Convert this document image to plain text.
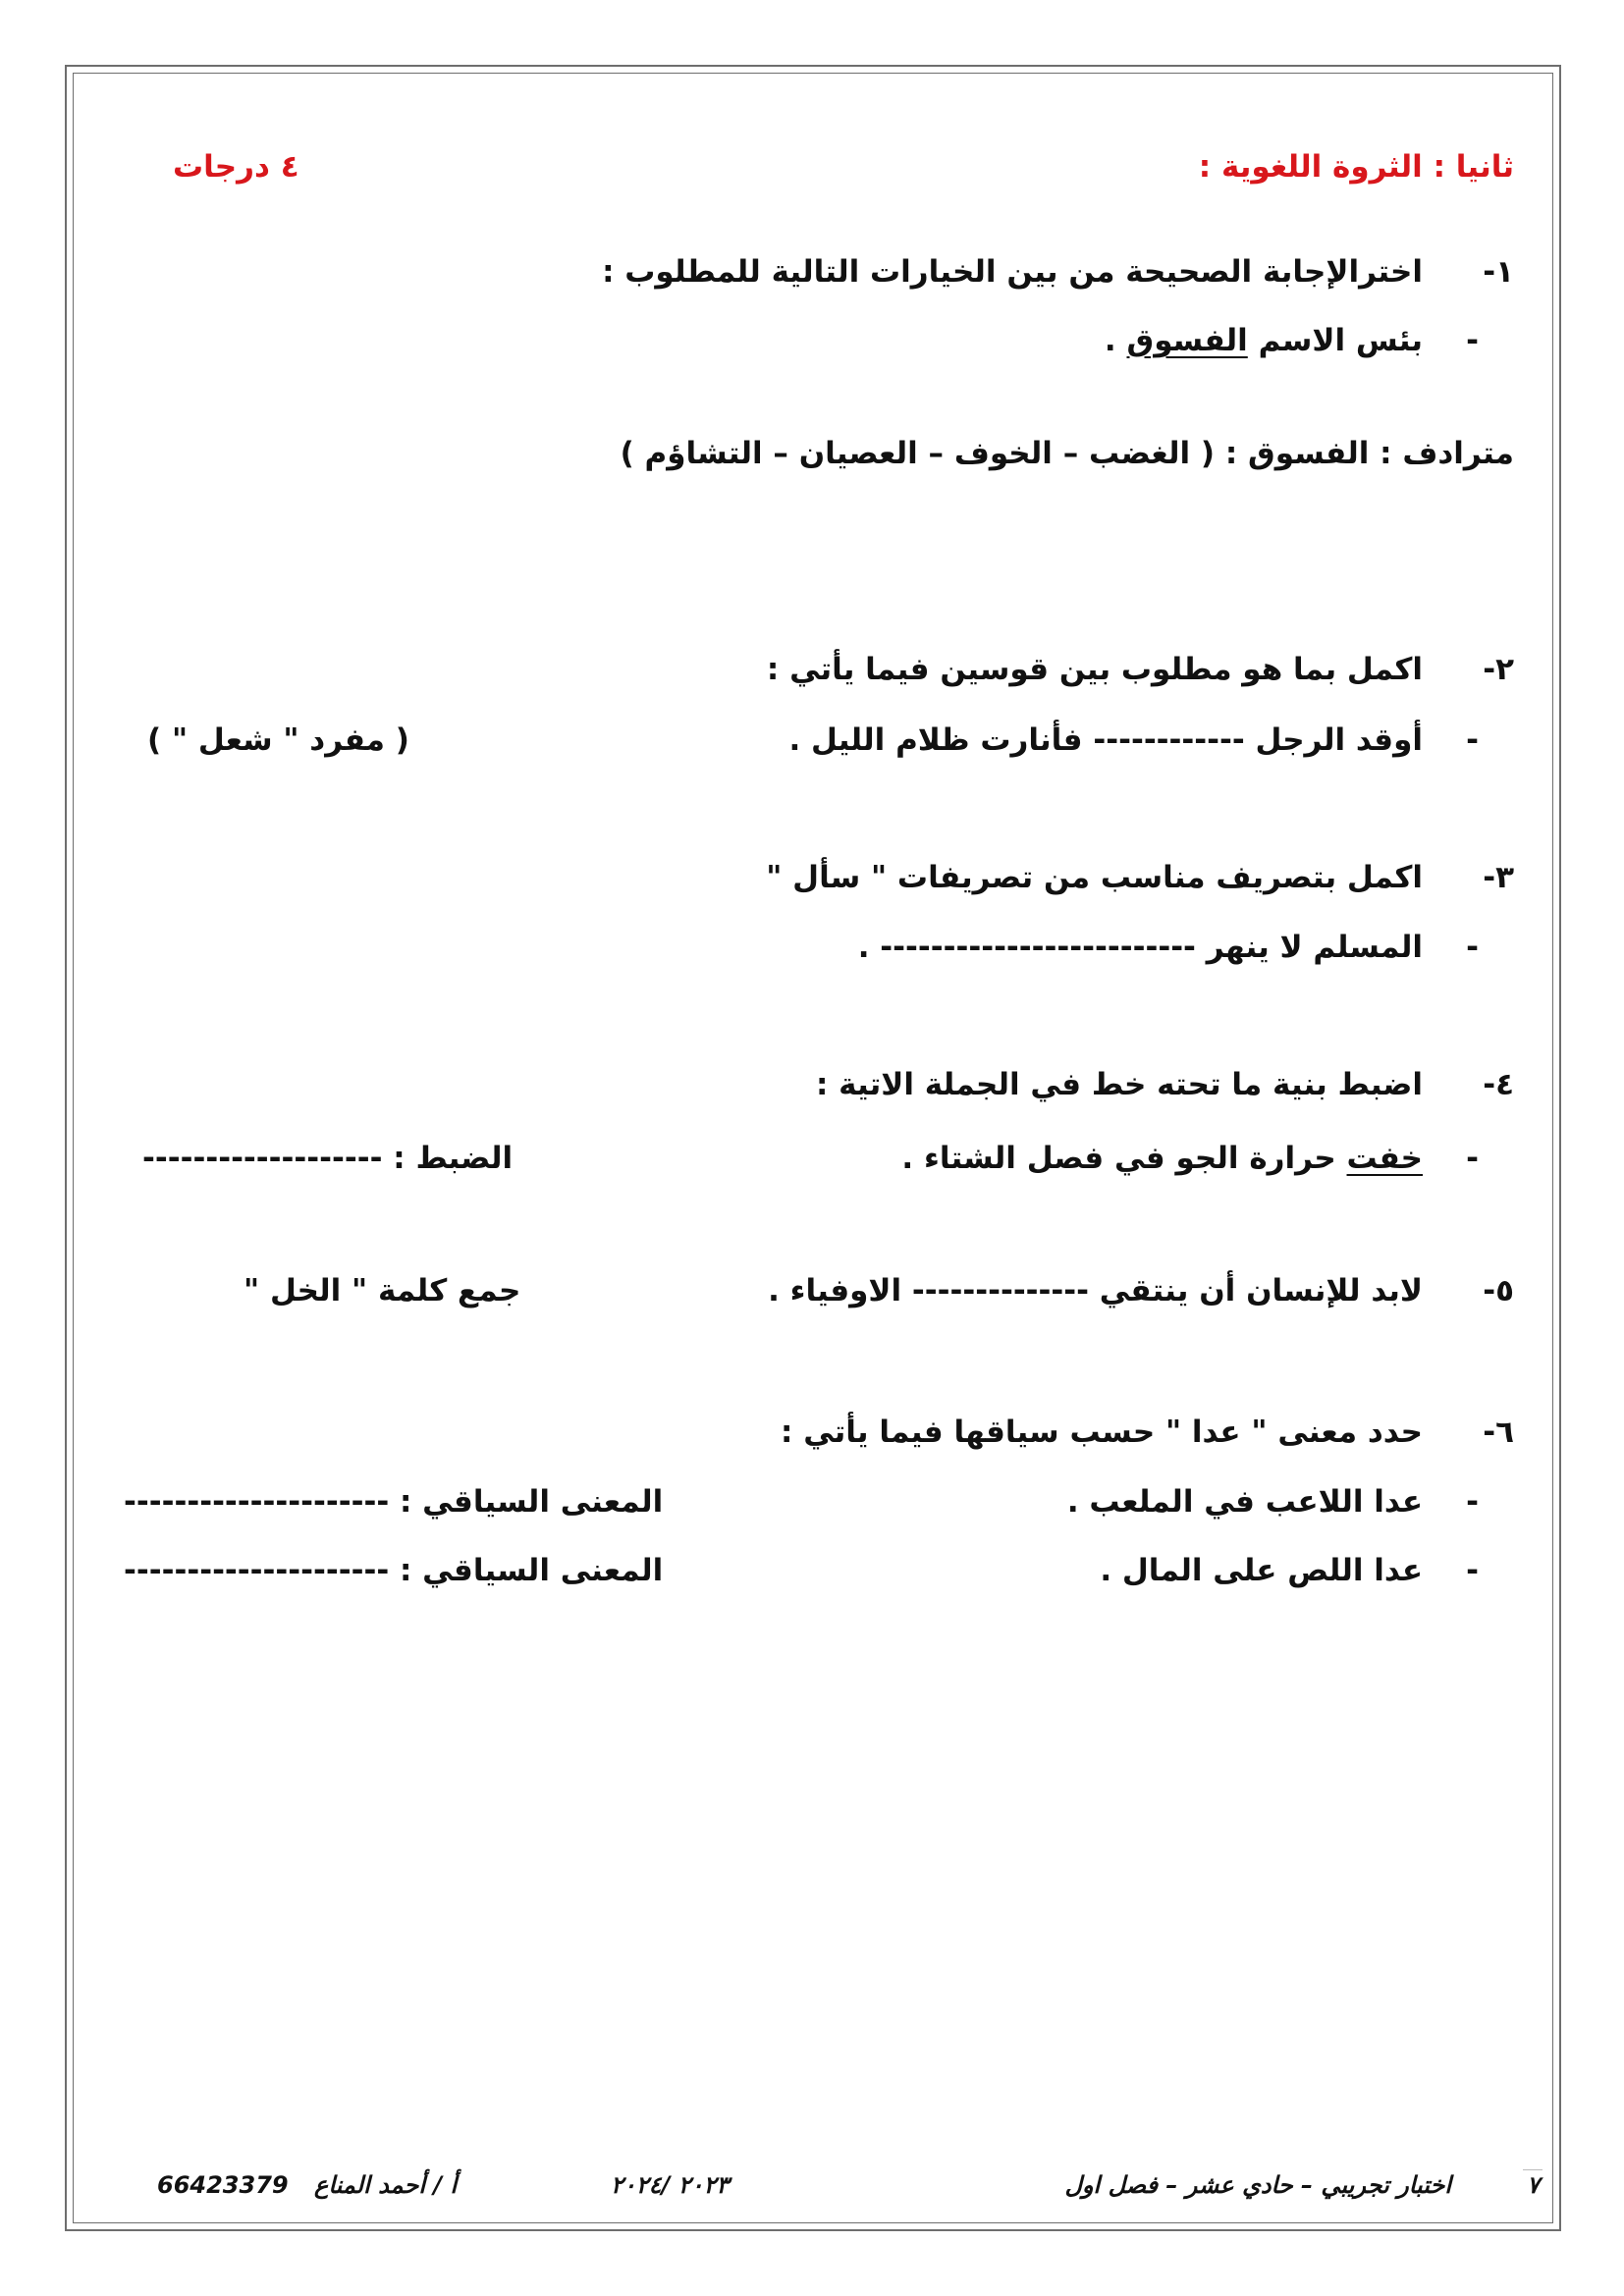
ثانيا : الثروة اللغوية :
٤ درجات
١-
اخترالإجابة الصحيحة من بين الخيارات التالية للمطلوب :
-
بئس الاسم الفسوق .
مترادف : الفسوق : ( الغضب – الخوف – العصيان – التشاؤم )
٢-
اكمل بما هو مطلوب بين قوسين فيما يأتي :
-
أوقد الرجل ------------ فأنارت ظلام الليل .
( مفرد " شعل " )
٣-
اكمل بتصريف مناسب من تصريفات " سأل "
-
المسلم لا ينهر ------------------------- .
٤-
اضبط بنية ما تحته خط في الجملة الاتية :
-
خفت حرارة الجو في فصل الشتاء .
الضبط : -------------------
٥-
لابد للإنسان أن ينتقي -------------- الاوفياء .
جمع كلمة " الخل "
٦-
حدد معنى " عدا " حسب سياقها فيما يأتي :
-
عدا اللاعب في الملعب .
المعنى السياقي : ---------------------
-
عدا اللص على المال .
المعنى السياقي : ---------------------
٧
اختبار تجريبي – حادي عشر – فصل اول
٢٠٢٣ /٢٠٢٤
أ / أحمد المناع
66423379
